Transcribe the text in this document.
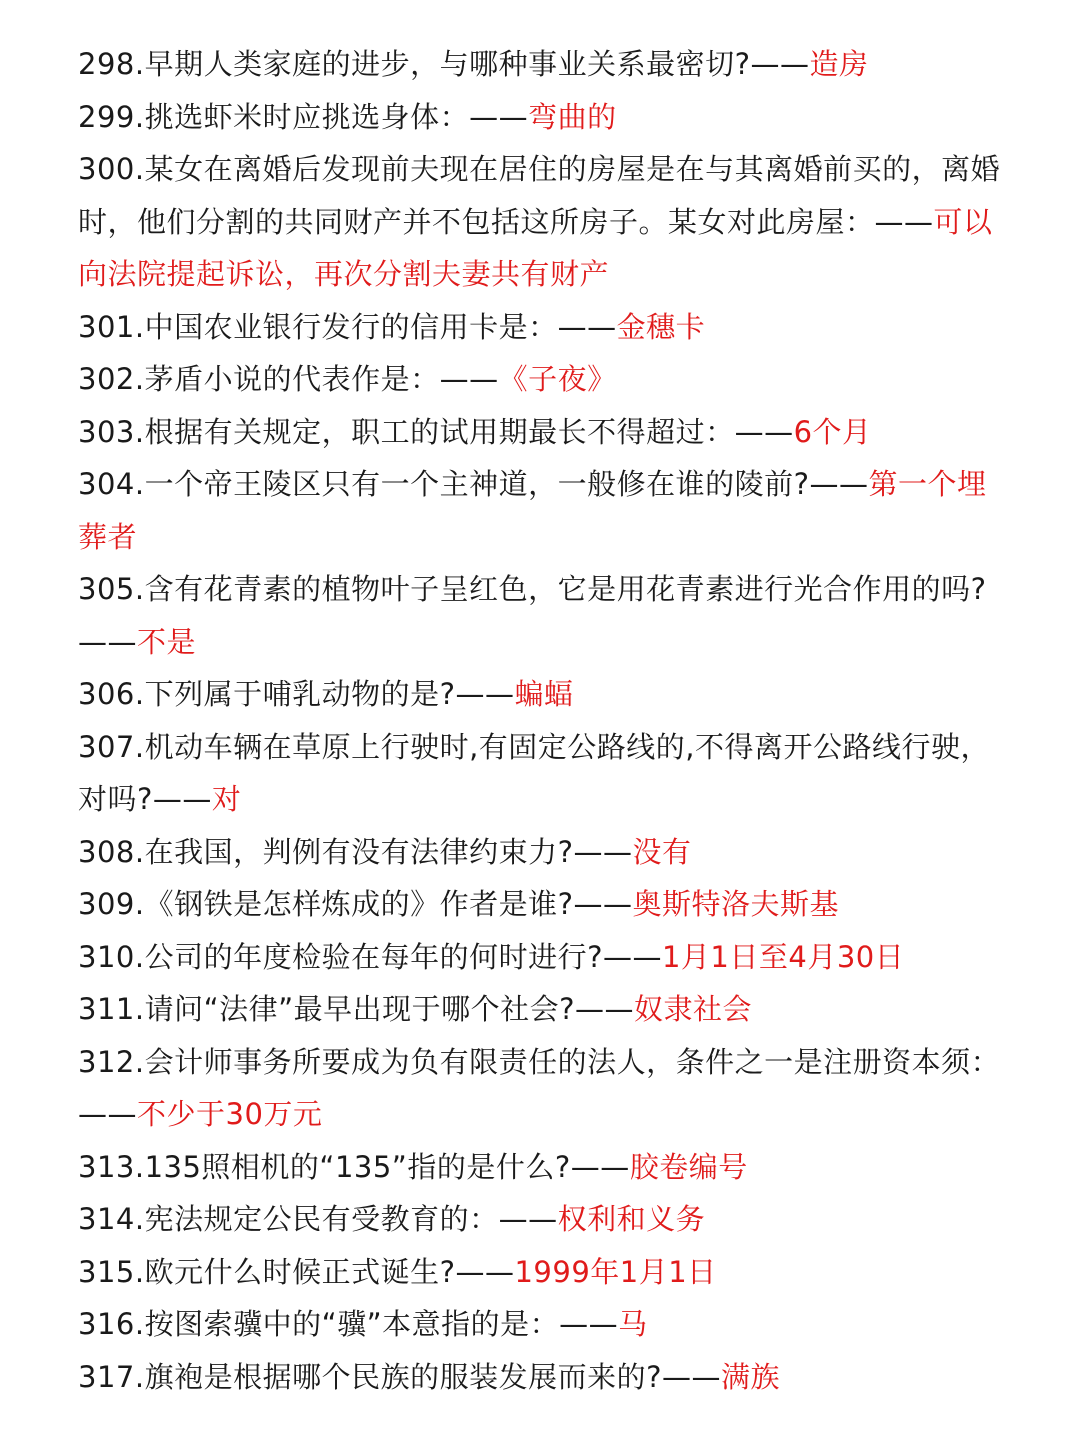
298.早期人类家庭的进步，与哪种事业关系最密切?——造房
299.挑选虾米时应挑选身体：——弯曲的
300.某女在离婚后发现前夫现在居住的房屋是在与其离婚前买的，离婚时，他们分割的共同财产并不包括这所房子。某女对此房屋：——可以向法院提起诉讼，再次分割夫妻共有财产
301.中国农业银行发行的信用卡是：——金穗卡
302.茅盾小说的代表作是：——《子夜》
303.根据有关规定，职工的试用期最长不得超过：——6个月
304.一个帝王陵区只有一个主神道，一般修在谁的陵前?——第一个埋葬者
305.含有花青素的植物叶子呈红色，它是用花青素进行光合作用的吗?——不是
306.下列属于哺乳动物的是?——蝙蝠
307.机动车辆在草原上行驶时,有固定公路线的,不得离开公路线行驶，对吗?——对
308.在我国，判例有没有法律约束力?——没有
309.《钢铁是怎样炼成的》作者是谁?——奥斯特洛夫斯基
310.公司的年度检验在每年的何时进行?——1月1日至4月30日
311.请问“法律”最早出现于哪个社会?——奴隶社会
312.会计师事务所要成为负有限责任的法人，条件之一是注册资本须：——不少于30万元
313.135照相机的“135”指的是什么?——胶卷编号
314.宪法规定公民有受教育的：——权利和义务
315.欧元什么时候正式诞生?——1999年1月1日
316.按图索骥中的“骥”本意指的是：——马
317.旗袍是根据哪个民族的服装发展而来的?——满族
